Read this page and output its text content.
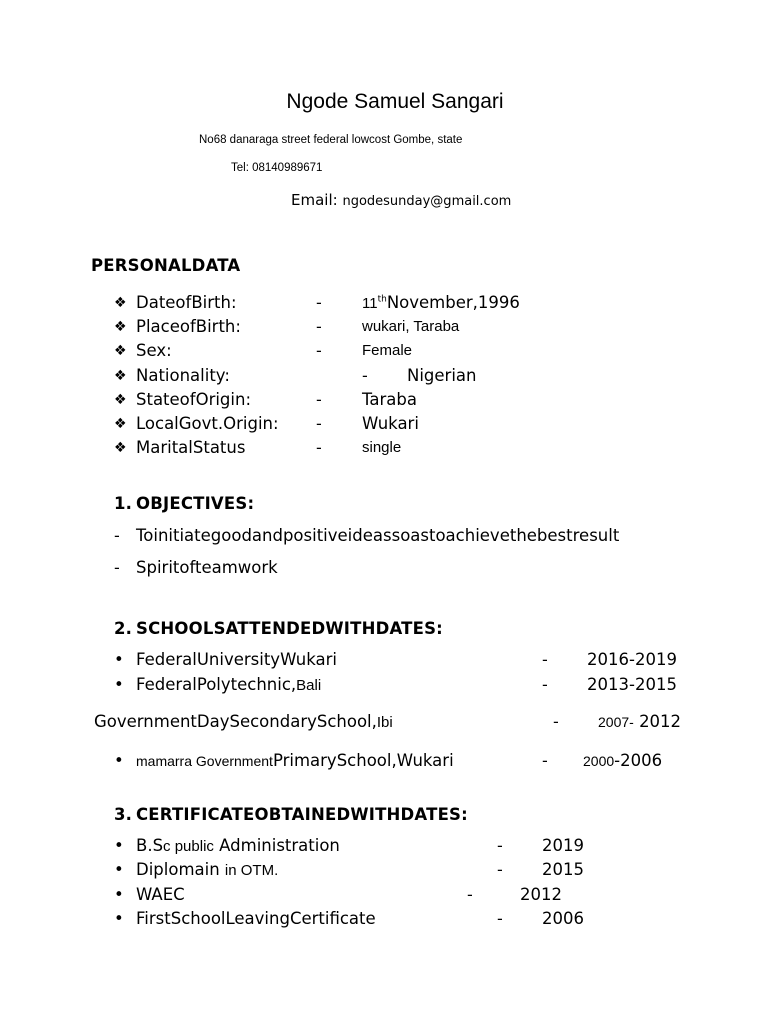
Ngode Samuel Sangari
No68 danaraga street federal lowcost Gombe, state
Tel: 08140989671
Email: ngodesunday@gmail.com
PERSONALDATA
❖ DateofBirth:	-	11thNovember,1996
❖ PlaceofBirth:	-	wukari, Taraba
❖ Sex:	-	Female
❖ Nationality:	- Nigerian
❖ StateofOrigin:	- Taraba
❖ LocalGovt.Origin: - Wukari
❖ MaritalStatus	-	single
1. OBJECTIVES:
- Toinitiategoodandpositiveideassoastoachievethebestresult
- Spiritofteamwork
2. SCHOOLSATTENDEDWITHDATES:
• FederalUniversityWukari	- 2016-2019
• FederalPolytechnic,Bali	- 2013-2015
GovernmentDaySecondarySchool,Ibi	-	2007- 2012
• mamarra GovernmentPrimarySchool,Wukari	-	2000-2006
3. CERTIFICATEOBTAINEDWITHDATES:
• B.Sc public Administration	- 2019
• Diplomain in OTM.	- 2015
• WAEC	-	2012
• FirstSchoolLeavingCertificate	- 2006
